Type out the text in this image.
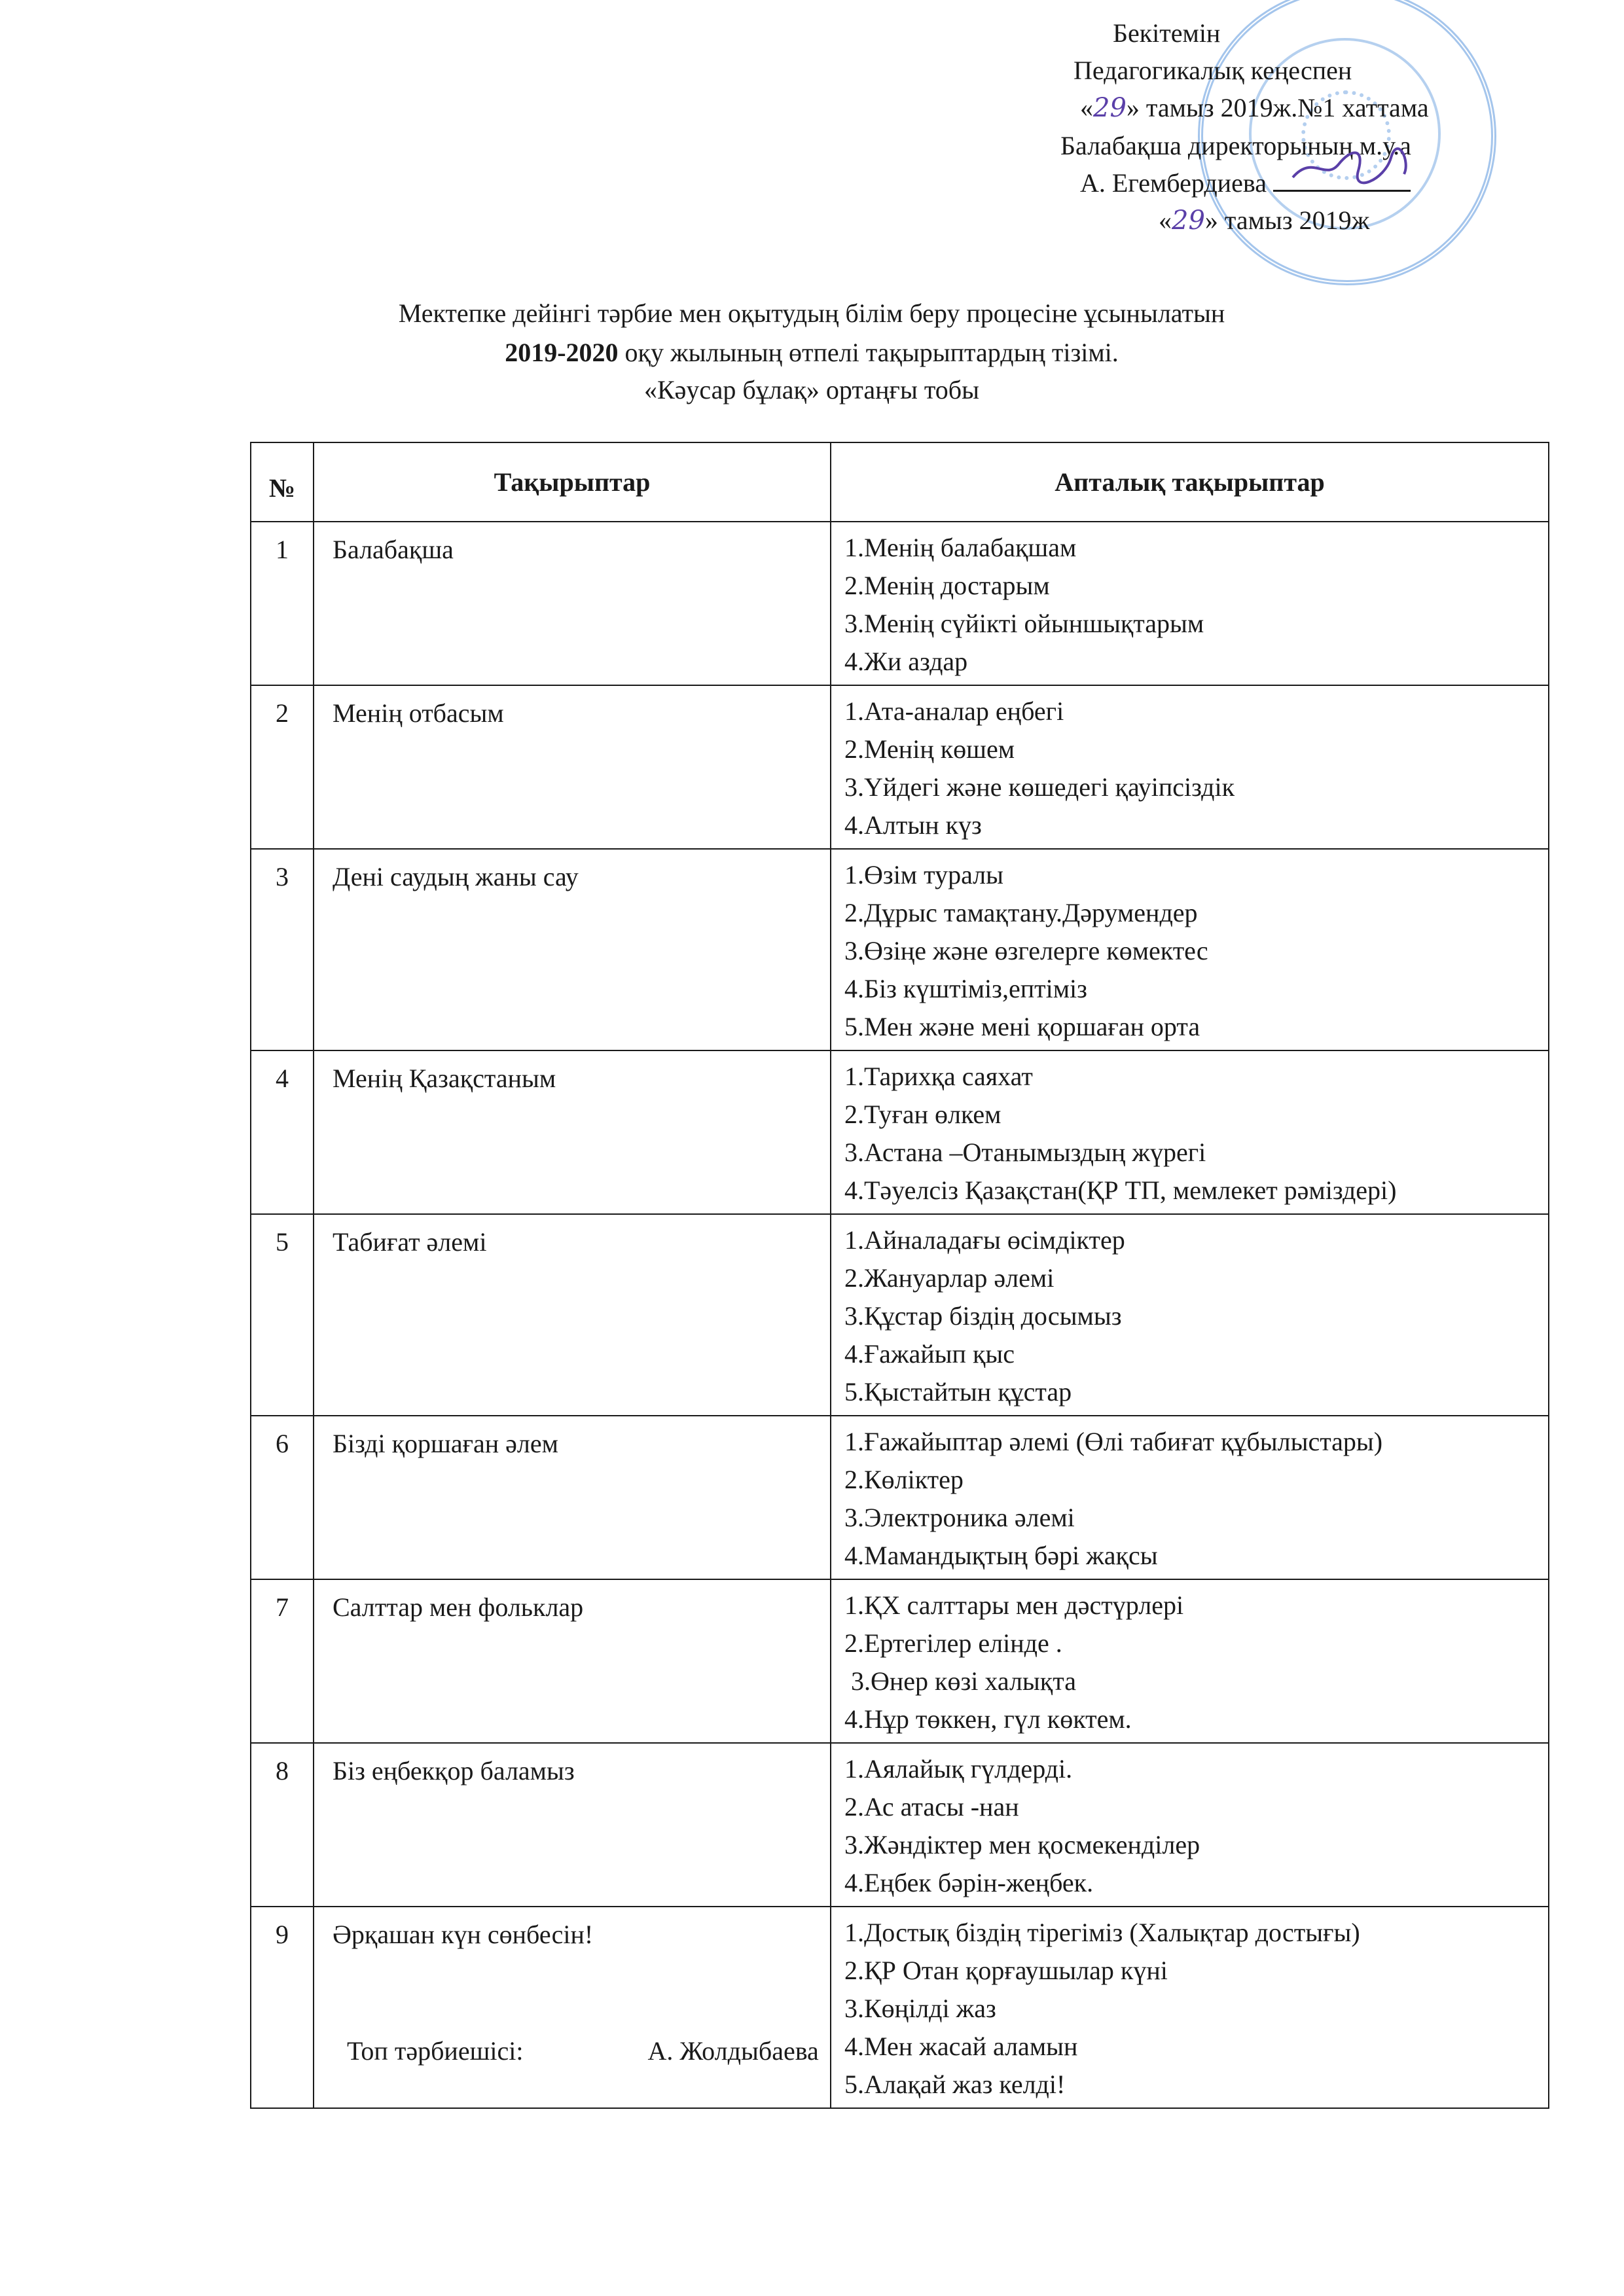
Бекітемін
Педагогикалық кеңеспен
«29» тамыз 2019ж.№1 хаттама
Балабақша директорының м.у.а
А. Егембердиева
«29» тамыз 2019ж
Мектепке дейінгі тәрбие мен оқытудың білім беру процесіне ұсынылатын
2019-2020 оқу жылының өтпелі тақырыптардың тізімі.
«Кәусар бұлақ» ортаңғы тобы
№	Тақырыптар	Апталық тақырыптар
1	Балабақша	1.Менің балабақшам
2.Менің достарым
3.Менің сүйікті ойыншықтарым
4.Жи аздар

2	Менің отбасым	1.Ата-аналар еңбегі
2.Менің көшем
3.Үйдегі және көшедегі қауіпсіздік
4.Алтын күз

3	Дені саудың жаны сау	1.Өзім туралы
2.Дұрыс тамақтану.Дәрумендер
3.Өзіңе және өзгелерге көмектес
4.Біз күштіміз,ептіміз
5.Мен және мені қоршаған орта

4	Менің Қазақстаным	1.Тарихқа саяхат
2.Туған өлкем
3.Астана –Отанымыздың жүрегі
4.Тәуелсіз Қазақстан(ҚР ТП, мемлекет рәміздері)

5	Табиғат әлемі	1.Айналадағы өсімдіктер
2.Жануарлар әлемі
3.Құстар біздің досымыз
4.Ғажайып қыс
5.Қыстайтын құстар

6	Бізді қоршаған әлем	1.Ғажайыптар әлемі (Өлі табиғат құбылыстары)
2.Көліктер
3.Электроника әлемі
4.Мамандықтың бәрі жақсы

7	Салттар мен фольклар	1.ҚХ салттары мен дәстүрлері
2.Ертегілер елінде .
3.Өнер көзі халықта
4.Нұр төккен, гүл көктем.

8	Біз еңбекқор баламыз	1.Аялайық гүлдерді.
2.Ас атасы -нан
3.Жәндіктер мен қосмекенділер
4.Еңбек бәрін-жеңбек.

9	Әрқашан күн сөнбесін!	1.Достық біздің тірегіміз (Халықтар достығы)
2.ҚР Отан қорғаушылар күні
3.Көңілді жаз
4.Мен жасай аламын
5.Алақай жаз келді!
Топ тәрбиешісі:	А. Жолдыбаева
